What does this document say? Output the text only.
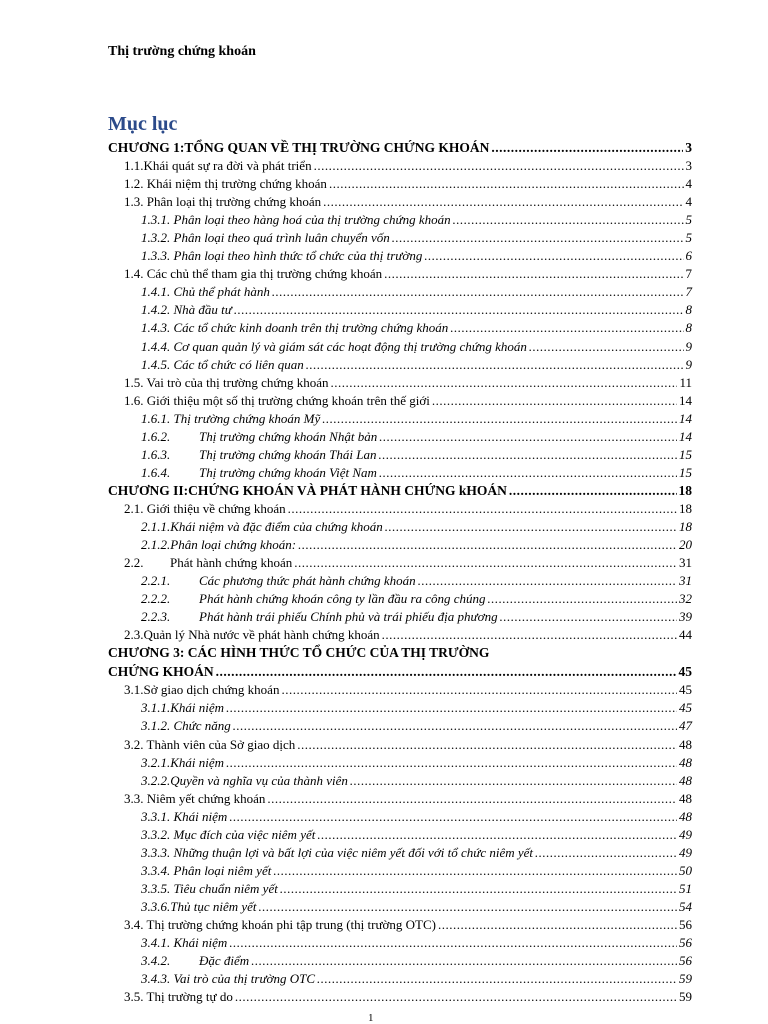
Thị trường chứng khoán
Mục lục
CHƯƠNG 1:TỔNG QUAN VỀ THỊ TRƯỜNG CHỨNG KHOÁN .....	3
1.1.Khái quát sự ra đời và phát triển .....	3
1.2. Khái niệm thị trường chứng khoán .....	4
1.3. Phân loại thị trường chứng khoán .....	4
1.3.1. Phân loại theo hàng hoá của thị trường chứng khoán .....	5
1.3.2. Phân loại theo quá trình luân chuyển vốn .....	5
1.3.3. Phân loại theo hình thức tổ chức của thị trường .....	6
1.4. Các chủ thể tham gia thị trường chứng khoán .....	7
1.4.1. Chủ thể phát hành .....	7
1.4.2. Nhà đầu tư .....	8
1.4.3. Các tổ chức kinh doanh trên thị trường chứng khoán .....	8
1.4.4. Cơ quan quản lý và giám sát các hoạt động thị trường chứng khoán .....	9
1.4.5. Các tổ chức có liên quan .....	9
1.5. Vai trò của thị trường chứng khoán .....	11
1.6. Giới thiệu một số thị trường chứng khoán trên thế giới .....	14
1.6.1. Thị trường chứng khoán Mỹ .....	14
1.6.2. Thị trường chứng khoán Nhật bản .....	14
1.6.3. Thị trường chứng khoán Thái Lan .....	15
1.6.4. Thị trường chứng khoán Việt Nam .....	15
CHƯƠNG II:CHỨNG KHOÁN VÀ PHÁT HÀNH CHỨNG kHOÁN .....	18
2.1. Giới thiệu về chứng khoán .....	18
2.1.1.Khái niệm và đặc điểm của chứng khoán .....	18
2.1.2.Phân loại chứng khoán: .....	20
2.2. Phát hành chứng khoán .....	31
2.2.1. Các phương thức phát hành chứng khoán .....	31
2.2.2. Phát hành chứng khoán công ty lần đầu ra công chúng .....	32
2.2.3. Phát hành trái phiếu Chính phủ và trái phiếu địa phương .....	39
2.3.Quản lý Nhà nước về phát hành chứng khoán .....	44
CHƯƠNG 3: CÁC HÌNH THỨC TỔ CHỨC CỦA THỊ TRƯỜNG
CHỨNG KHOÁN .....	45
3.1.Sở giao dịch chứng khoán .....	45
3.1.1.Khái niệm .....	45
3.1.2. Chức năng .....	47
3.2. Thành viên của Sở giao dịch .....	48
3.2.1.Khái niệm .....	48
3.2.2.Quyền và nghĩa vụ của thành viên .....	48
3.3. Niêm yết chứng khoán .....	48
3.3.1. Khái niệm .....	48
3.3.2. Mục đích của việc niêm yết .....	49
3.3.3. Những thuận lợi và bất lợi của việc niêm yết đối với tổ chức niêm yết .....	49
3.3.4. Phân loại niêm yết .....	50
3.3.5. Tiêu chuẩn niêm yết .....	51
3.3.6.Thủ tục niêm yết .....	54
3.4. Thị trường chứng khoán phi tập trung (thị trường OTC) .....	56
3.4.1. Khái niệm .....	56
3.4.2. Đặc điểm .....	56
3.4.3. Vai trò của thị trường OTC .....	59
3.5. Thị trường tự do .....	59
1
